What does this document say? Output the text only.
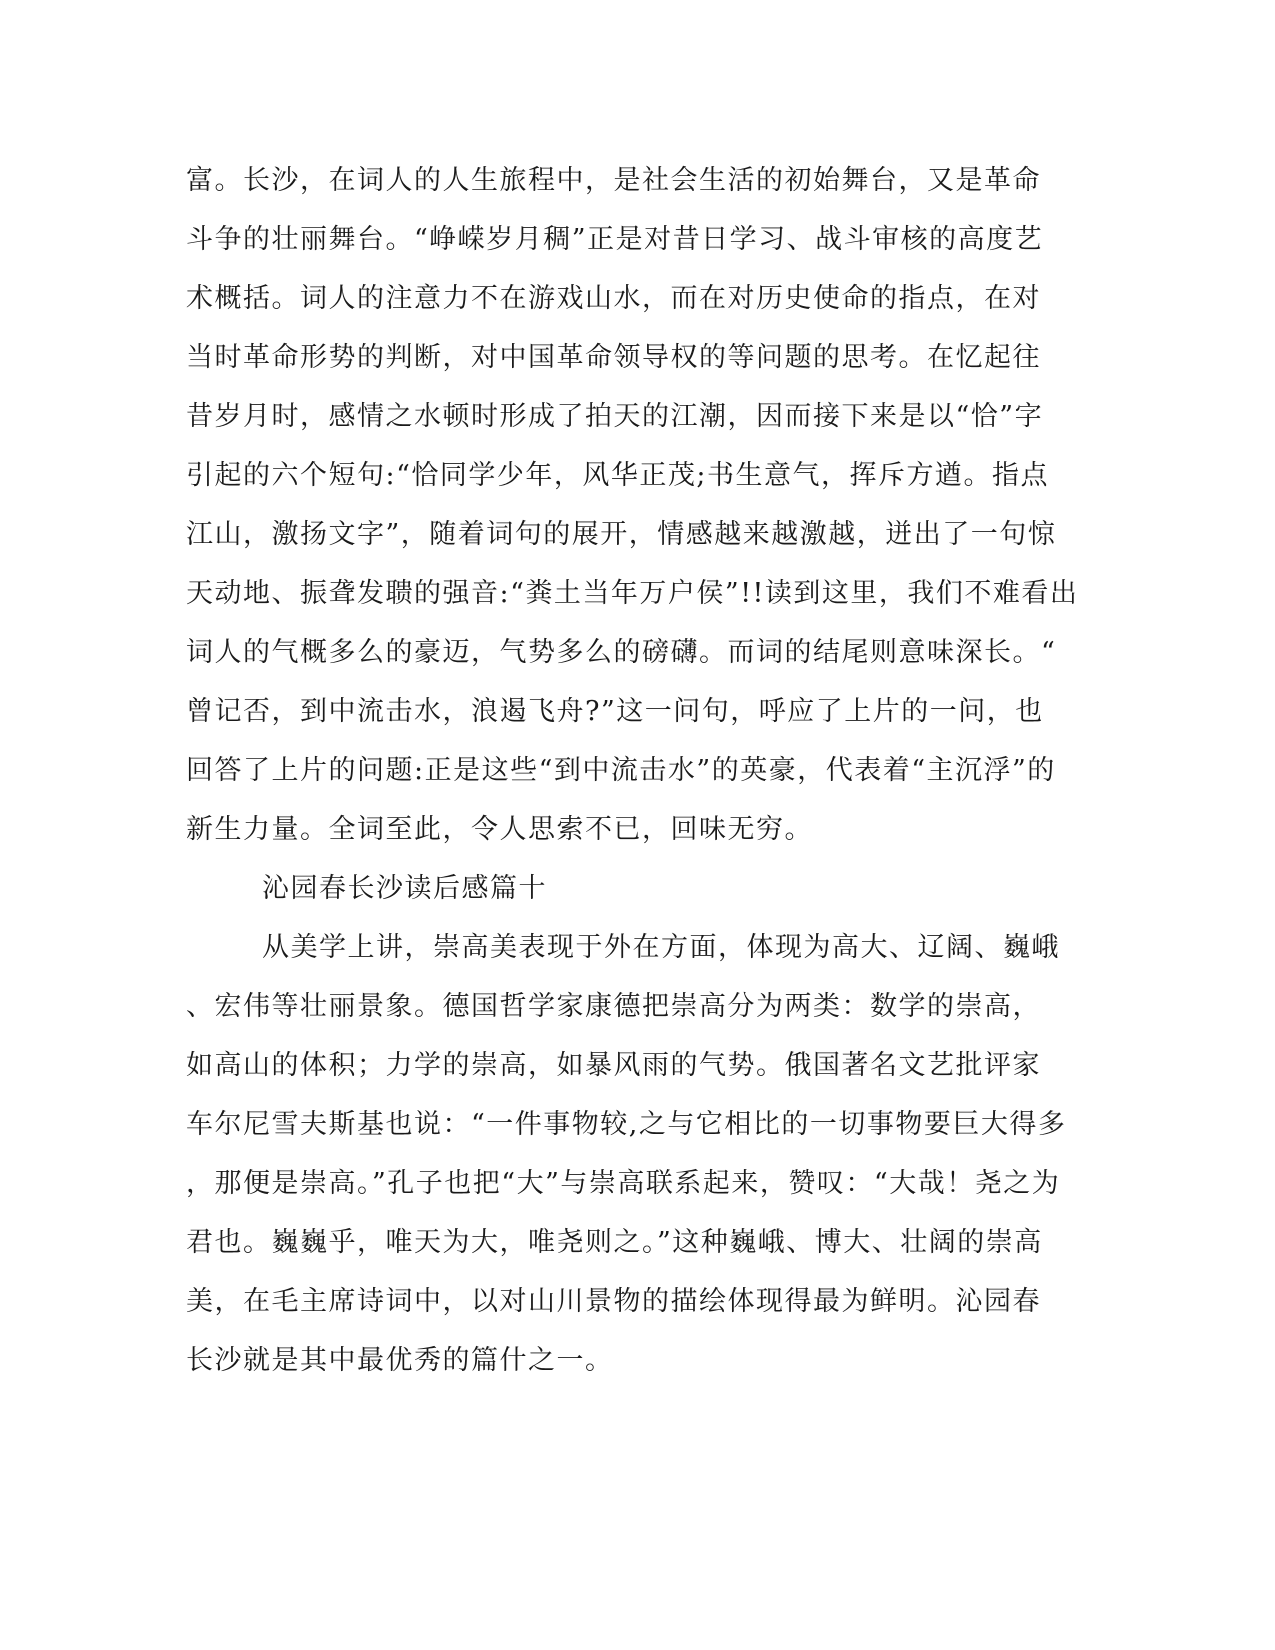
富。长沙，在词人的人生旅程中，是社会生活的初始舞台，又是革命
斗争的壮丽舞台。“峥嵘岁月稠”正是对昔日学习、战斗审核的高度艺
术概括。词人的注意力不在游戏山水，而在对历史使命的指点，在对
当时革命形势的判断，对中国革命领导权的等问题的思考。在忆起往
昔岁月时，感情之水顿时形成了拍天的江潮，因而接下来是以“恰”字
引起的六个短句:“恰同学少年，风华正茂;书生意气，挥斥方遒。指点
江山，激扬文字”，随着词句的展开，情感越来越激越，迸出了一句惊
天动地、振聋发聩的强音:“粪土当年万户侯”!!读到这里，我们不难看出
词人的气概多么的豪迈，气势多么的磅礴。而词的结尾则意味深长。“
曾记否，到中流击水，浪遏飞舟?”这一问句，呼应了上片的一问，也
回答了上片的问题:正是这些“到中流击水”的英豪，代表着“主沉浮”的
新生力量。全词至此，令人思索不已，回味无穷。
沁园春长沙读后感篇十
从美学上讲，崇高美表现于外在方面，体现为高大、辽阔、巍峨
、宏伟等壮丽景象。德国哲学家康德把崇高分为两类：数学的崇高，
如高山的体积；力学的崇高，如暴风雨的气势。俄国著名文艺批评家
车尔尼雪夫斯基也说：“一件事物较,之与它相比的一切事物要巨大得多
，那便是崇高。”孔子也把“大”与崇高联系起来，赞叹：“大哉！尧之为
君也。巍巍乎，唯天为大，唯尧则之。”这种巍峨、博大、壮阔的崇高
美，在毛主席诗词中，以对山川景物的描绘体现得最为鲜明。沁园春
长沙就是其中最优秀的篇什之一。
